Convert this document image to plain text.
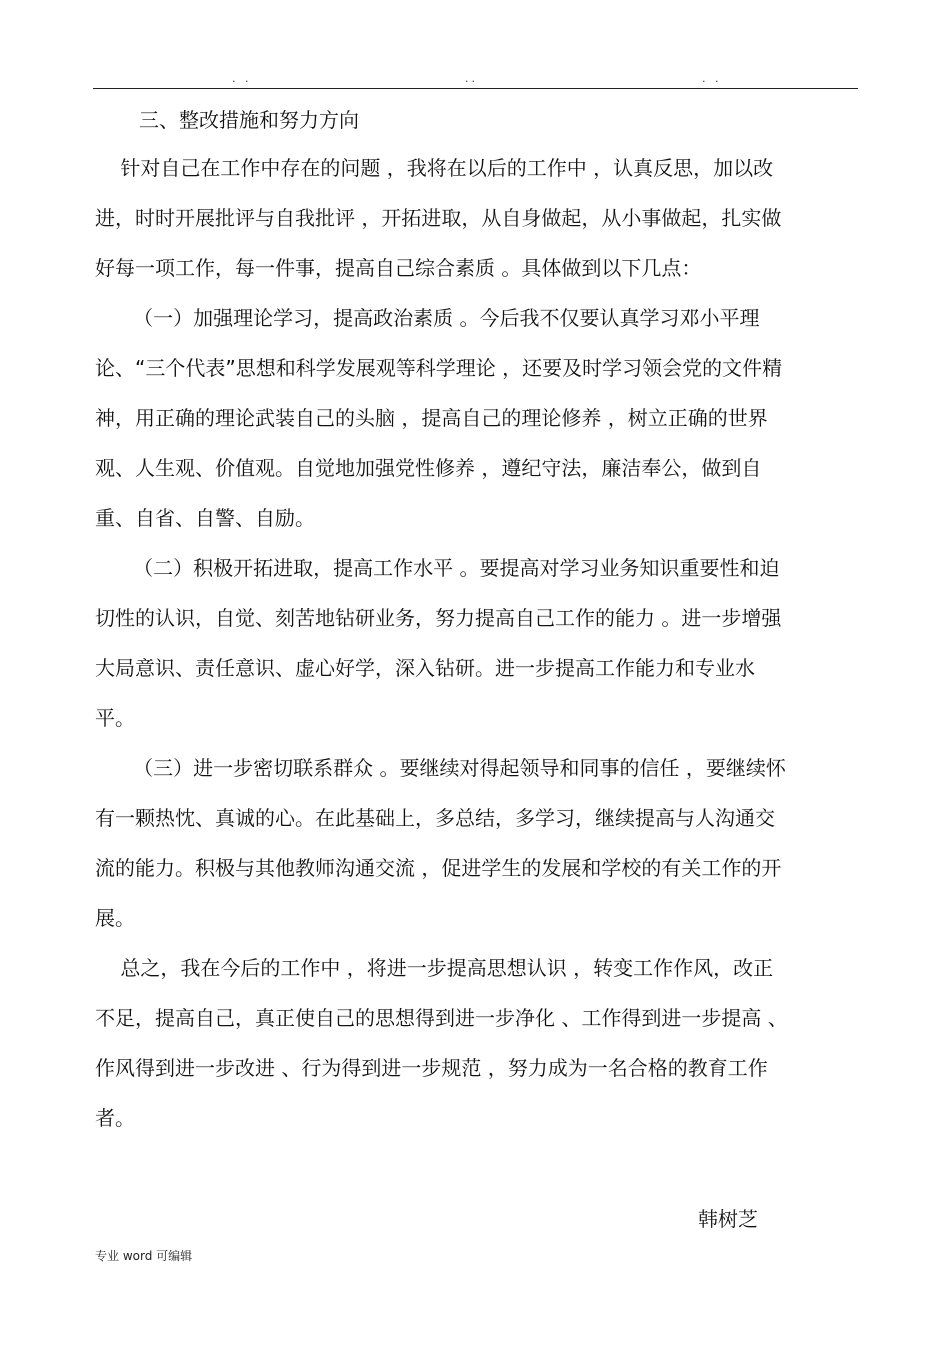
. .	..	. .
三、整改措施和努力方向
针对自己在工作中存在的问题 ，我将在以后的工作中 ，认真反思，加以改
进，时时开展批评与自我批评 ，开拓进取，从自身做起，从小事做起，扎实做
好每一项工作，每一件事，提高自己综合素质 。具体做到以下几点：
（一）加强理论学习，提高政治素质 。今后我不仅要认真学习邓小平理
论、“三个代表”思想和科学发展观等科学理论 ，还要及时学习领会党的文件精
神，用正确的理论武装自己的头脑 ，提高自己的理论修养 ，树立正确的世界
观、人生观、价值观。自觉地加强党性修养 ，遵纪守法，廉洁奉公，做到自
重、自省、自警、自励。
（二）积极开拓进取，提高工作水平 。要提高对学习业务知识重要性和迫
切性的认识，自觉、刻苦地钻研业务，努力提高自己工作的能力 。进一步增强
大局意识、责任意识、虚心好学，深入钻研。进一步提高工作能力和专业水
平。
（三）进一步密切联系群众 。要继续对得起领导和同事的信任 ，要继续怀
有一颗热忱、真诚的心。在此基础上，多总结，多学习，继续提高与人沟通交
流的能力。积极与其他教师沟通交流 ，促进学生的发展和学校的有关工作的开
展。
总之，我在今后的工作中 ，将进一步提高思想认识 ，转变工作作风，改正
不足，提高自己，真正使自己的思想得到进一步净化 、工作得到进一步提高 、
作风得到进一步改进 、行为得到进一步规范 ，努力成为一名合格的教育工作
者。
韩树芝
专业 word 可编辑
